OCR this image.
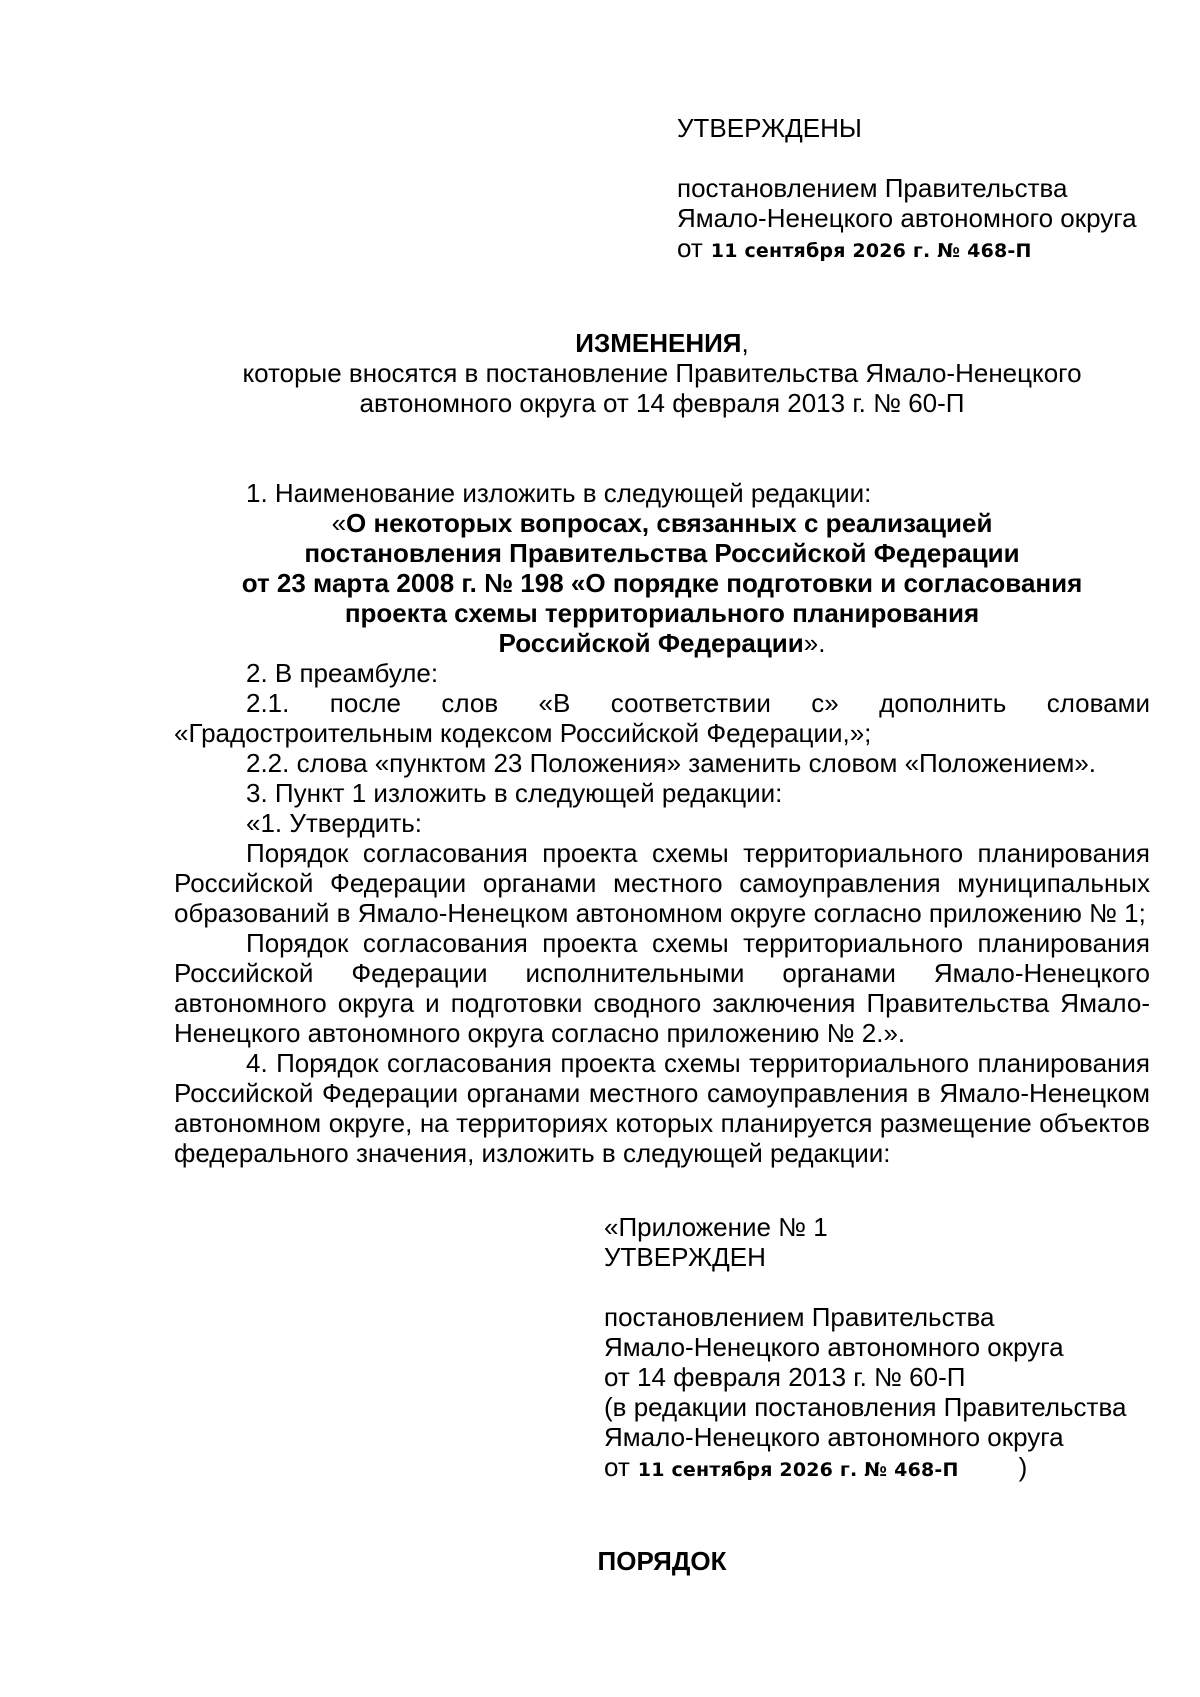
УТВЕРЖДЕНЫ
постановлением Правительства
Ямало-Ненецкого автономного округа
от 11 сентября 2026 г. № 468-П
ИЗМЕНЕНИЯ,
которые вносятся в постановление Правительства Ямало-Ненецкого
автономного округа от 14 февраля 2013 г. № 60-П

1. Наименование изложить в следующей редакции:

«О некоторых вопросах, связанных с реализацией
постановления Правительства Российской Федерации
от 23 марта 2008 г. № 198 «О порядке подготовки и согласования
проекта схемы территориального планирования
Российской Федерации».

2. В преамбуле:

2.1. после слов «В соответствии с» дополнить словами «Градостроительным кодексом Российской Федерации,»;

2.2. слова «пунктом 23 Положения» заменить словом «Положением».

3. Пункт 1 изложить в следующей редакции:

«1. Утвердить:

Порядок согласования проекта схемы территориального планирования Российской Федерации органами местного самоуправления муниципальных образований в Ямало-Ненецком автономном округе согласно приложению № 1;

Порядок согласования проекта схемы территориального планирования Российской Федерации исполнительными органами Ямало-Ненецкого автономного округа и подготовки сводного заключения Правительства Ямало-Ненецкого автономного округа согласно приложению № 2.».

4. Порядок согласования проекта схемы территориального планирования Российской Федерации органами местного самоуправления в Ямало-Ненецком автономном округе, на территориях которых планируется размещение объектов федерального значения, изложить в следующей редакции:

«Приложение № 1
УТВЕРЖДЕН
постановлением Правительства
Ямало-Ненецкого автономного округа
от 14 февраля 2013 г. № 60-П
(в редакции постановления Правительства
Ямало-Ненецкого автономного округа
от 11 сентября 2026 г. № 468-П )
ПОРЯДОК
